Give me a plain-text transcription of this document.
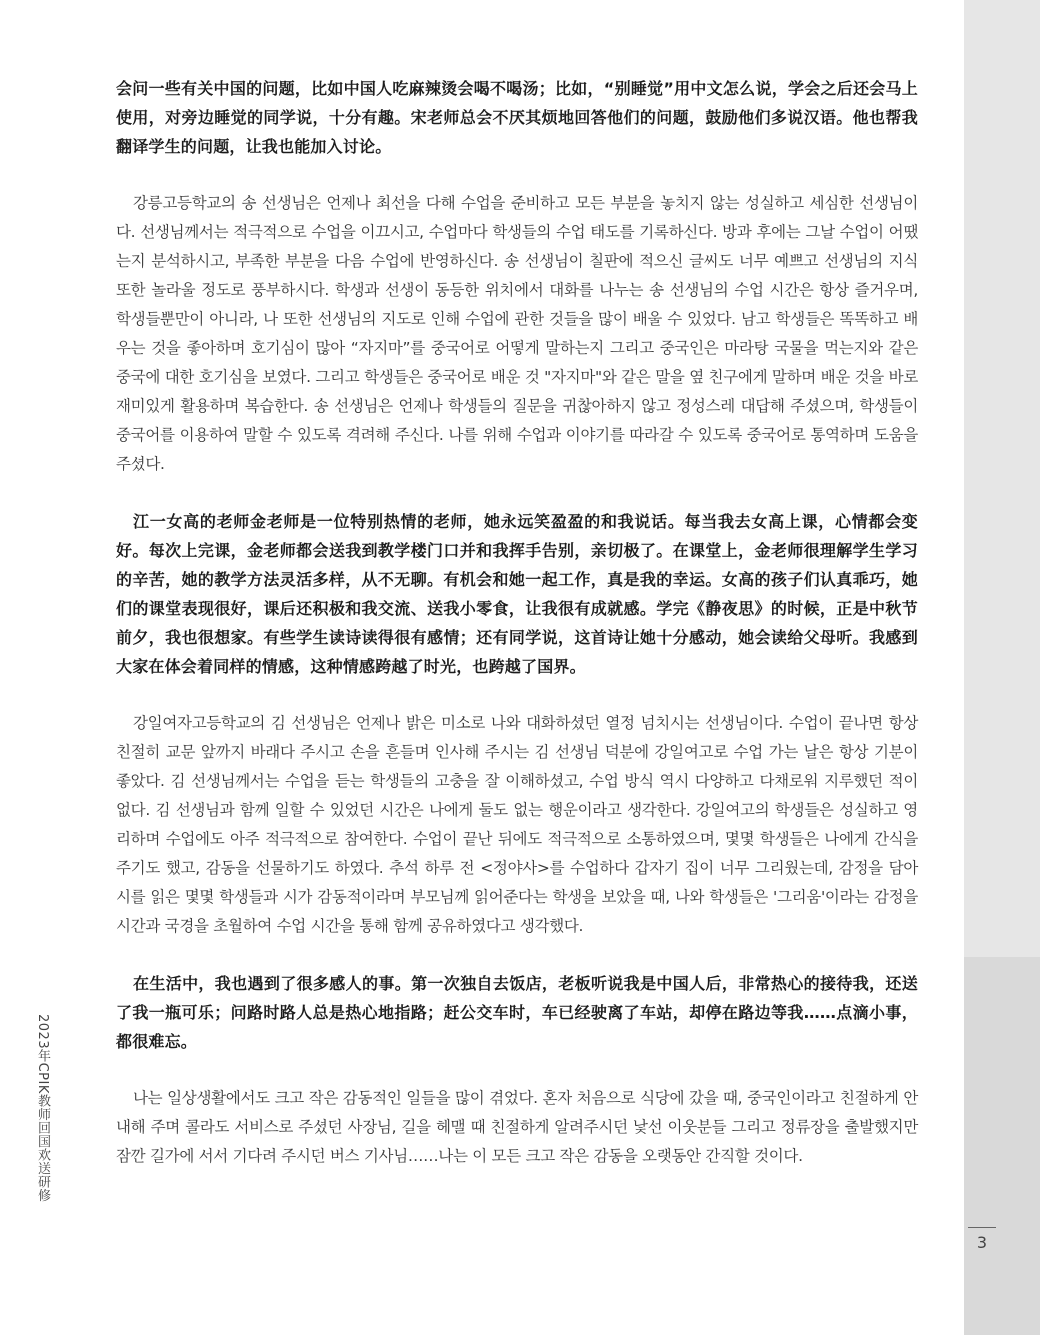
会问一些有关中国的问题，比如中国人吃麻辣烫会喝不喝汤；比如，“别睡觉”用中文怎么说，学会之后还会马上使用，对旁边睡觉的同学说，十分有趣。宋老师总会不厌其烦地回答他们的问题，鼓励他们多说汉语。他也帮我翻译学生的问题，让我也能加入讨论。

강릉고등학교의 송 선생님은 언제나 최선을 다해 수업을 준비하고 모든 부분을 놓치지 않는 성실하고 세심한 선생님이다. 선생님께서는 적극적으로 수업을 이끄시고, 수업마다 학생들의 수업 태도를 기록하신다. 방과 후에는 그날 수업이 어땠는지 분석하시고, 부족한 부분을 다음 수업에 반영하신다. 송 선생님이 칠판에 적으신 글씨도 너무 예쁘고 선생님의 지식 또한 놀라울 정도로 풍부하시다. 학생과 선생이 동등한 위치에서 대화를 나누는 송 선생님의 수업 시간은 항상 즐거우며, 학생들뿐만이 아니라, 나 또한 선생님의 지도로 인해 수업에 관한 것들을 많이 배울 수 있었다. 남고 학생들은 똑똑하고 배우는 것을 좋아하며 호기심이 많아 “자지마”를 중국어로 어떻게 말하는지 그리고 중국인은 마라탕 국물을 먹는지와 같은 중국에 대한 호기심을 보였다. 그리고 학생들은 중국어로 배운 것 "자지마"와 같은 말을 옆 친구에게 말하며 배운 것을 바로 재미있게 활용하며 복습한다. 송 선생님은 언제나 학생들의 질문을 귀찮아하지 않고 정성스레 대답해 주셨으며, 학생들이 중국어를 이용하여 말할 수 있도록 격려해 주신다. 나를 위해 수업과 이야기를 따라갈 수 있도록 중국어로 통역하며 도움을 주셨다.

江一女高的老师金老师是一位特别热情的老师，她永远笑盈盈的和我说话。每当我去女高上课，心情都会变好。每次上完课，金老师都会送我到教学楼门口并和我挥手告别，亲切极了。在课堂上，金老师很理解学生学习的辛苦，她的教学方法灵活多样，从不无聊。有机会和她一起工作，真是我的幸运。女高的孩子们认真乖巧，她们的课堂表现很好，课后还积极和我交流、送我小零食，让我很有成就感。学完《静夜思》的时候，正是中秋节前夕，我也很想家。有些学生读诗读得很有感情；还有同学说，这首诗让她十分感动，她会读给父母听。我感到大家在体会着同样的情感，这种情感跨越了时光，也跨越了国界。

강일여자고등학교의 김 선생님은 언제나 밝은 미소로 나와 대화하셨던 열정 넘치시는 선생님이다. 수업이 끝나면 항상 친절히 교문 앞까지 바래다 주시고 손을 흔들며 인사해 주시는 김 선생님 덕분에 강일여고로 수업 가는 날은 항상 기분이 좋았다. 김 선생님께서는 수업을 듣는 학생들의 고충을 잘 이해하셨고, 수업 방식 역시 다양하고 다채로워 지루했던 적이 없다. 김 선생님과 함께 일할 수 있었던 시간은 나에게 둘도 없는 행운이라고 생각한다. 강일여고의 학생들은 성실하고 영리하며 수업에도 아주 적극적으로 참여한다. 수업이 끝난 뒤에도 적극적으로 소통하였으며, 몇몇 학생들은 나에게 간식을 주기도 했고, 감동을 선물하기도 하였다. 추석 하루 전 <정야사>를 수업하다 갑자기 집이 너무 그리웠는데, 감정을 담아 시를 읽은 몇몇 학생들과 시가 감동적이라며 부모님께 읽어준다는 학생을 보았을 때, 나와 학생들은 '그리움'이라는 감정을 시간과 국경을 초월하여 수업 시간을 통해 함께 공유하였다고 생각했다.

在生活中，我也遇到了很多感人的事。第一次独自去饭店，老板听说我是中国人后，非常热心的接待我，还送了我一瓶可乐；问路时路人总是热心地指路；赶公交车时，车已经驶离了车站，却停在路边等我……点滴小事，都很难忘。

나는 일상생활에서도 크고 작은 감동적인 일들을 많이 겪었다. 혼자 처음으로 식당에 갔을 때, 중국인이라고 친절하게 안내해 주며 콜라도 서비스로 주셨던 사장님, 길을 헤맬 때 친절하게 알려주시던 낯선 이웃분들 그리고 정류장을 출발했지만 잠깐 길가에 서서 기다려 주시던 버스 기사님……나는 이 모든 크고 작은 감동을 오랫동안 간직할 것이다.

2023年CPIK教师回国欢送研修
3
